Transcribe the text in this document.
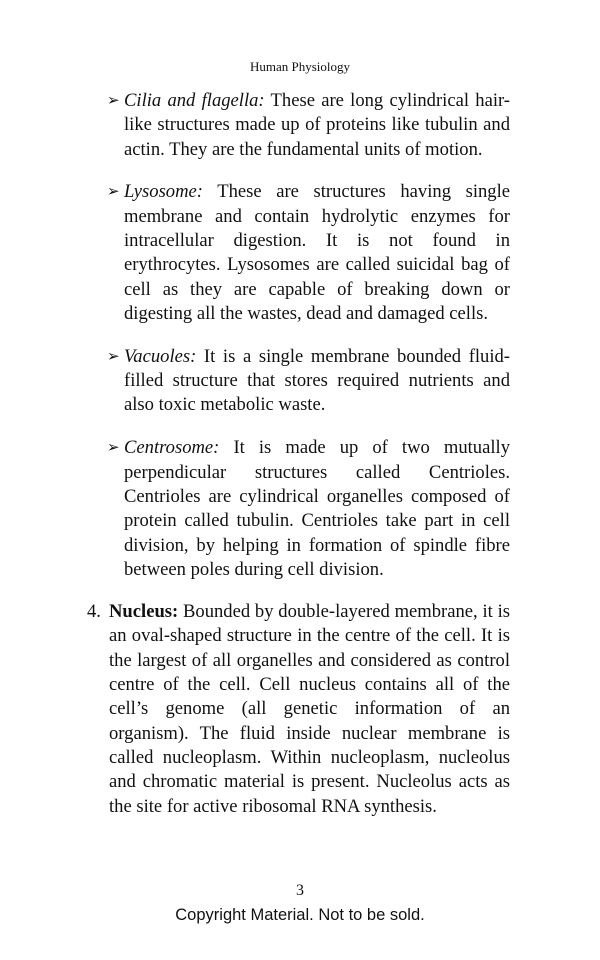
Human Physiology

➢ Cilia and flagella: These are long cylindrical hair-like structures made up of proteins like tubulin and actin. They are the fundamental units of motion.

➢ Lysosome: These are structures having single membrane and contain hydrolytic enzymes for intracellular digestion. It is not found in erythrocytes. Lysosomes are called suicidal bag of cell as they are capable of breaking down or digesting all the wastes, dead and damaged cells.

➢ Vacuoles: It is a single membrane bounded fluid-filled structure that stores required nutrients and also toxic metabolic waste.

➢ Centrosome: It is made up of two mutually perpendicular structures called Centrioles. Centrioles are cylindrical organelles composed of protein called tubulin. Centrioles take part in cell division, by helping in formation of spindle fibre between poles during cell division.

4. Nucleus: Bounded by double-layered membrane, it is an oval-shaped structure in the centre of the cell. It is the largest of all organelles and considered as control centre of the cell. Cell nucleus contains all of the cell’s genome (all genetic information of an organism). The fluid inside nuclear membrane is called nucleoplasm. Within nucleoplasm, nucleolus and chromatic material is present. Nucleolus acts as the site for active ribosomal RNA synthesis.

3
Copyright Material. Not to be sold.
